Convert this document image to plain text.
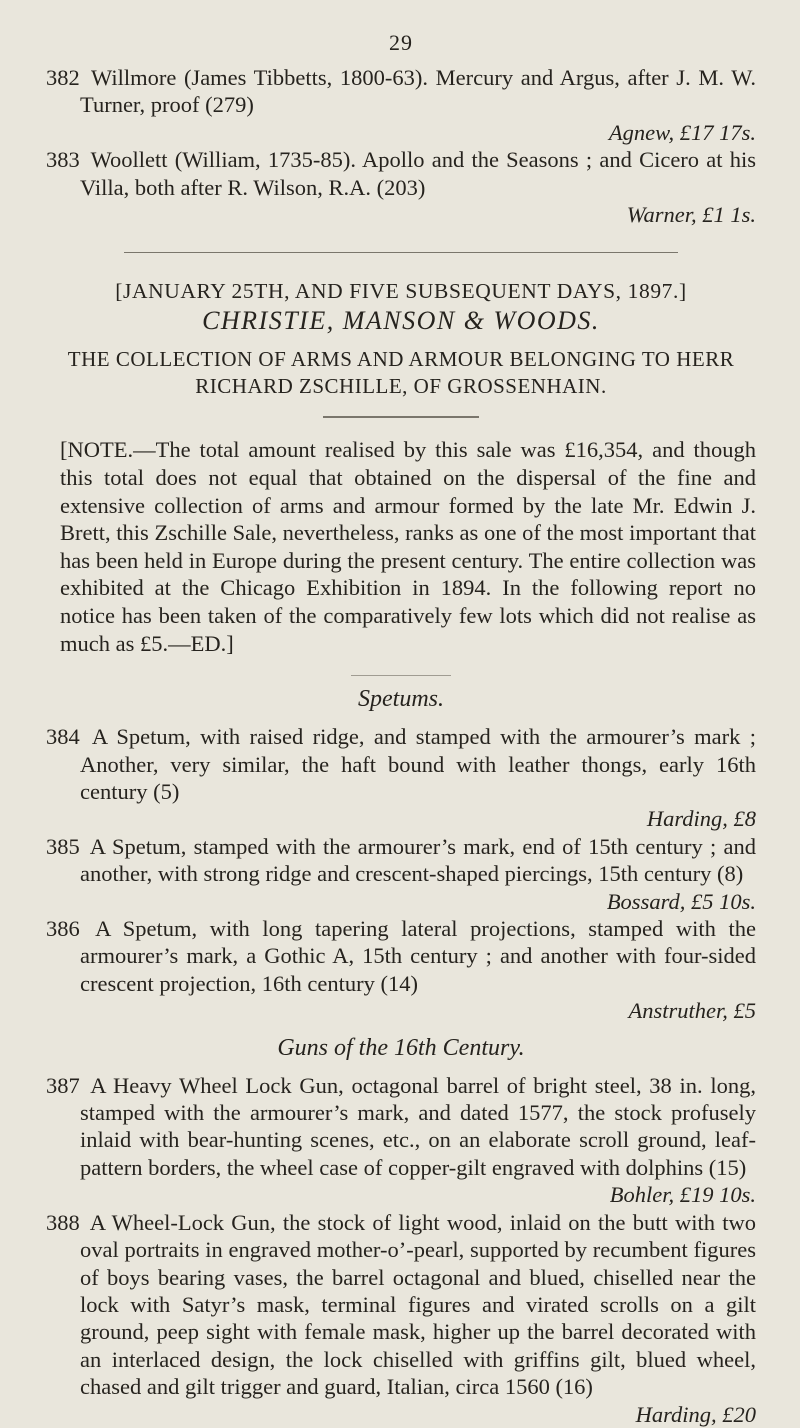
29
382 Willmore (James Tibbetts, 1800-63). Mercury and Argus, after J. M. W. Turner, proof (279)
Agnew, £17 17s.
383 Woollett (William, 1735-85). Apollo and the Seasons ; and Cicero at his Villa, both after R. Wilson, R.A. (203)
Warner, £1 1s.
[JANUARY 25TH, AND FIVE SUBSEQUENT DAYS, 1897.]
CHRISTIE, MANSON & WOODS.
THE COLLECTION OF ARMS AND ARMOUR BELONGING TO HERR
RICHARD ZSCHILLE, OF GROSSENHAIN.

[NOTE.—The total amount realised by this sale was £16,354, and though this total does not equal that obtained on the dispersal of the fine and extensive collection of arms and armour formed by the late Mr. Edwin J. Brett, this Zschille Sale, nevertheless, ranks as one of the most important that has been held in Europe during the present century. The entire collection was exhibited at the Chicago Exhibition in 1894. In the following report no notice has been taken of the comparatively few lots which did not realise as much as £5.—ED.]

Spetums.
384 A Spetum, with raised ridge, and stamped with the armourer’s mark ; Another, very similar, the haft bound with leather thongs, early 16th century (5)
Harding, £8
385 A Spetum, stamped with the armourer’s mark, end of 15th century ; and another, with strong ridge and crescent-shaped piercings, 15th century (8)
Bossard, £5 10s.
386 A Spetum, with long tapering lateral projections, stamped with the armourer’s mark, a Gothic A, 15th century ; and another with four-sided crescent projection, 16th century (14)
Anstruther, £5
Guns of the 16th Century.
387 A Heavy Wheel Lock Gun, octagonal barrel of bright steel, 38 in. long, stamped with the armourer’s mark, and dated 1577, the stock profusely inlaid with bear-hunting scenes, etc., on an elaborate scroll ground, leaf-pattern borders, the wheel case of copper-gilt engraved with dolphins (15)
Bohler, £19 10s.
388 A Wheel-Lock Gun, the stock of light wood, inlaid on the butt with two oval portraits in engraved mother-o’-pearl, supported by recumbent figures of boys bearing vases, the barrel octagonal and blued, chiselled near the lock with Satyr’s mask, terminal figures and virated scrolls on a gilt ground, peep sight with female mask, higher up the barrel decorated with an interlaced design, the lock chiselled with griffins gilt, blued wheel, chased and gilt trigger and guard, Italian, circa 1560 (16)
Harding, £20
